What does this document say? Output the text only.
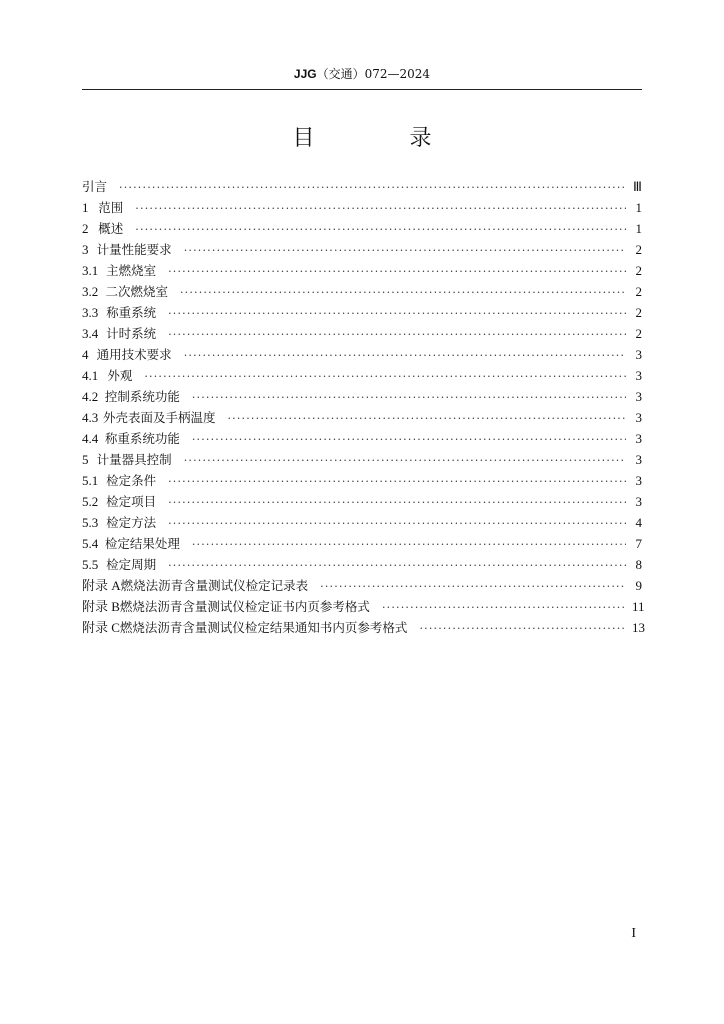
JJG（交通）072—2024
目 录
引言 ·····	Ⅲ
1 范围 ·····	1
2 概述 ·····	1
3 计量性能要求 ·····	2
3.1 主燃烧室 ·····	2
3.2 二次燃烧室 ·····	2
3.3 称重系统 ·····	2
3.4 计时系统 ·····	2
4 通用技术要求 ·····	3
4.1 外观 ·····	3
4.2 控制系统功能 ·····	3
4.3 外壳表面及手柄温度 ·····	3
4.4 称重系统功能 ·····	3
5 计量器具控制 ·····	3
5.1 检定条件 ·····	3
5.2 检定项目 ·····	3
5.3 检定方法 ·····	4
5.4 检定结果处理 ·····	7
5.5 检定周期 ·····	8
附录 A 燃烧法沥青含量测试仪检定记录表 ·····	9
附录 B 燃烧法沥青含量测试仪检定证书内页参考格式 ·····	11
附录 C 燃烧法沥青含量测试仪检定结果通知书内页参考格式 ·····	13
I
